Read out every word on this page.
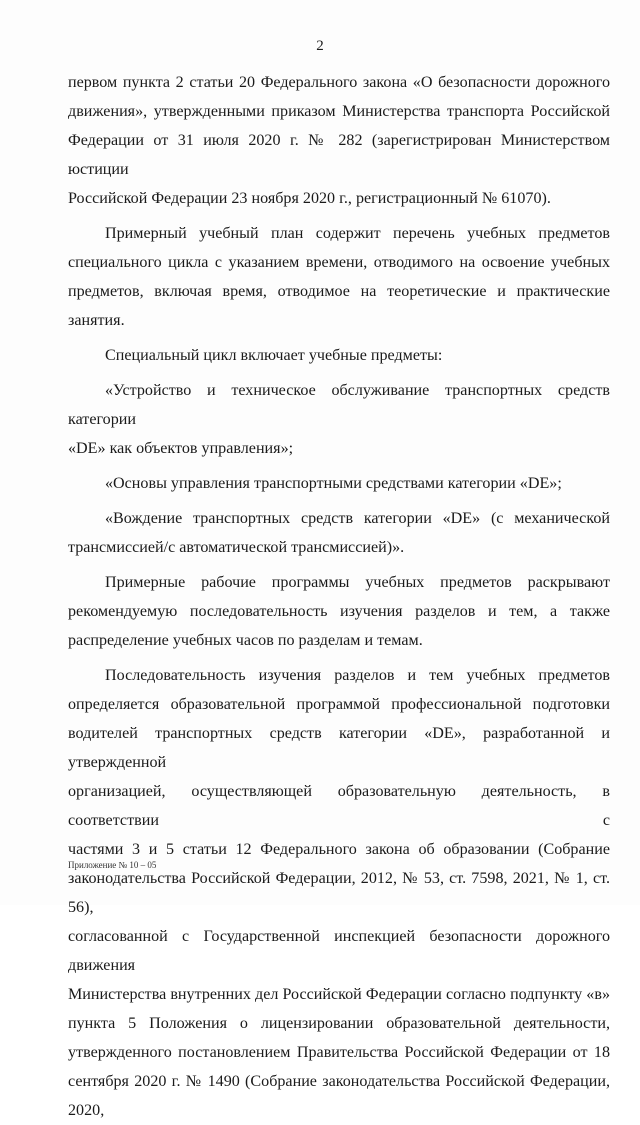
2

первом пункта 2 статьи 20 Федерального закона «О безопасности дорожного

движения», утвержденными приказом Министерства транспорта Российской

Федерации от 31 июля 2020 г. № 282 (зарегистрирован Министерством юстиции

Российской Федерации 23 ноября 2020 г., регистрационный № 61070).

Примерный учебный план содержит перечень учебных предметов

специального цикла с указанием времени, отводимого на освоение учебных

предметов, включая время, отводимое на теоретические и практические занятия.

Специальный цикл включает учебные предметы:

«Устройство и техническое обслуживание транспортных средств категории

«DE» как объектов управления»;

«Основы управления транспортными средствами категории «DE»;

«Вождение транспортных средств категории «DE» (с механической

трансмиссией/с автоматической трансмиссией)».

Примерные рабочие программы учебных предметов раскрывают

рекомендуемую последовательность изучения разделов и тем, а также

распределение учебных часов по разделам и темам.

Последовательность изучения разделов и тем учебных предметов

определяется образовательной программой профессиональной подготовки

водителей транспортных средств категории «DE», разработанной и утвержденной

организацией, осуществляющей образовательную деятельность, в соответствии с

частями 3 и 5 статьи 12 Федерального закона об образовании (Собрание

законодательства Российской Федерации, 2012, № 53, ст. 7598, 2021, № 1, ст. 56),

согласованной с Государственной инспекцией безопасности дорожного движения

Министерства внутренних дел Российской Федерации согласно подпункту «в»

пункта 5 Положения о лицензировании образовательной деятельности,

утвержденного постановлением Правительства Российской Федерации от 18

сентября 2020 г. № 1490 (Собрание законодательства Российской Федерации, 2020,

Приложение № 10 – 05
